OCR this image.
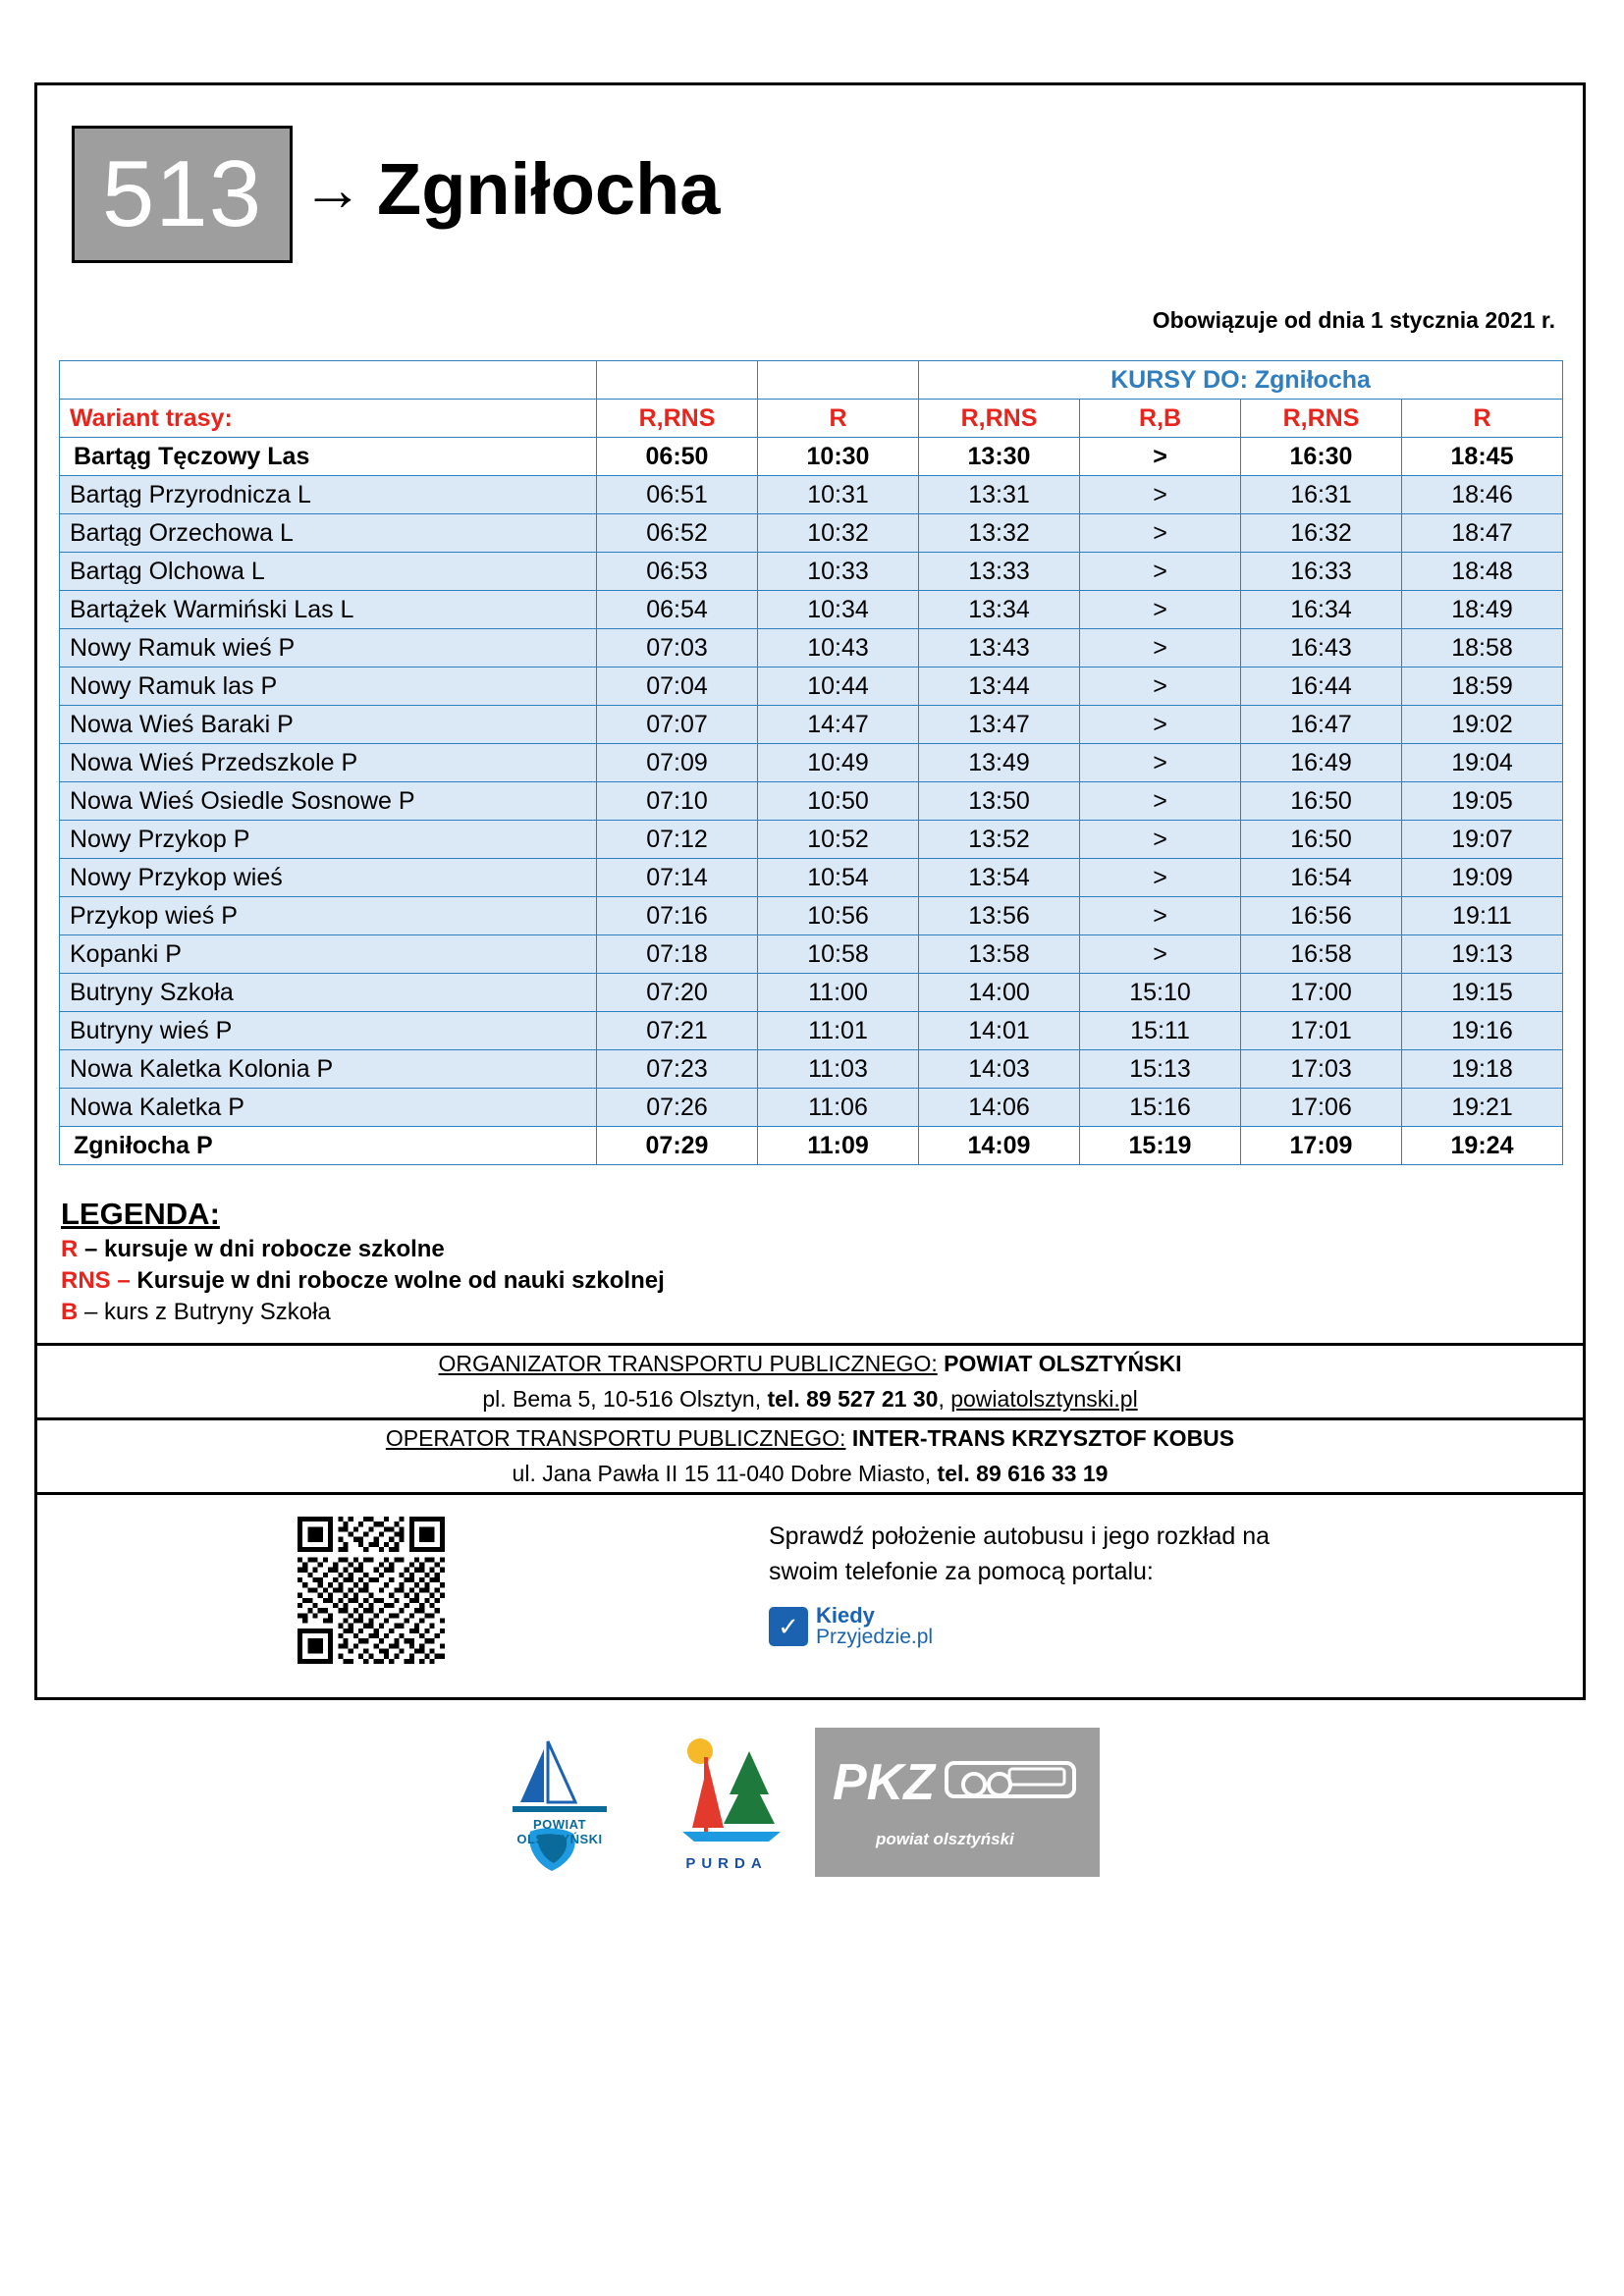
513 → Zgniłocha
Obowiązuje od dnia 1 stycznia 2021 r.
			KURSY DO: Zgniłocha			
Wariant trasy:	R,RNS	R	R,RNS	R,B	R,RNS	R
Bartąg Tęczowy Las	06:50	10:30	13:30	>	16:30	18:45
Bartąg Przyrodnicza L	06:51	10:31	13:31	>	16:31	18:46
Bartąg Orzechowa L	06:52	10:32	13:32	>	16:32	18:47
Bartąg Olchowa L	06:53	10:33	13:33	>	16:33	18:48
Bartążek Warmiński Las L	06:54	10:34	13:34	>	16:34	18:49
Nowy Ramuk wieś P	07:03	10:43	13:43	>	16:43	18:58
Nowy Ramuk las P	07:04	10:44	13:44	>	16:44	18:59
Nowa Wieś Baraki P	07:07	14:47	13:47	>	16:47	19:02
Nowa Wieś Przedszkole P	07:09	10:49	13:49	>	16:49	19:04
Nowa Wieś Osiedle Sosnowe P	07:10	10:50	13:50	>	16:50	19:05
Nowy Przykop P	07:12	10:52	13:52	>	16:50	19:07
Nowy Przykop wieś	07:14	10:54	13:54	>	16:54	19:09
Przykop wieś P	07:16	10:56	13:56	>	16:56	19:11
Kopanki P	07:18	10:58	13:58	>	16:58	19:13
Butryny Szkoła	07:20	11:00	14:00	15:10	17:00	19:15
Butryny wieś P	07:21	11:01	14:01	15:11	17:01	19:16
Nowa Kaletka Kolonia P	07:23	11:03	14:03	15:13	17:03	19:18
Nowa Kaletka P	07:26	11:06	14:06	15:16	17:06	19:21
Zgniłocha P	07:29	11:09	14:09	15:19	17:09	19:24
LEGENDA:
R – kursuje w dni robocze szkolne
RNS – Kursuje w dni robocze wolne od nauki szkolnej
B – kurs z Butryny Szkoła
ORGANIZATOR TRANSPORTU PUBLICZNEGO: POWIAT OLSZTYŃSKI
pl. Bema 5, 10-516 Olsztyn, tel. 89 527 21 30, powiatolsztynski.pl
OPERATOR TRANSPORTU PUBLICZNEGO: INTER-TRANS KRZYSZTOF KOBUS
ul. Jana Pawła II 15 11-040 Dobre Miasto, tel. 89 616 33 19
Sprawdź położenie autobusu i jego rozkład na
swoim telefonie za pomocą portalu:
✓ Kiedy
Przyjedzie.pl
POWIAT OLSZTYŃSKI
PURDA
PKZ
powiat olsztyński
